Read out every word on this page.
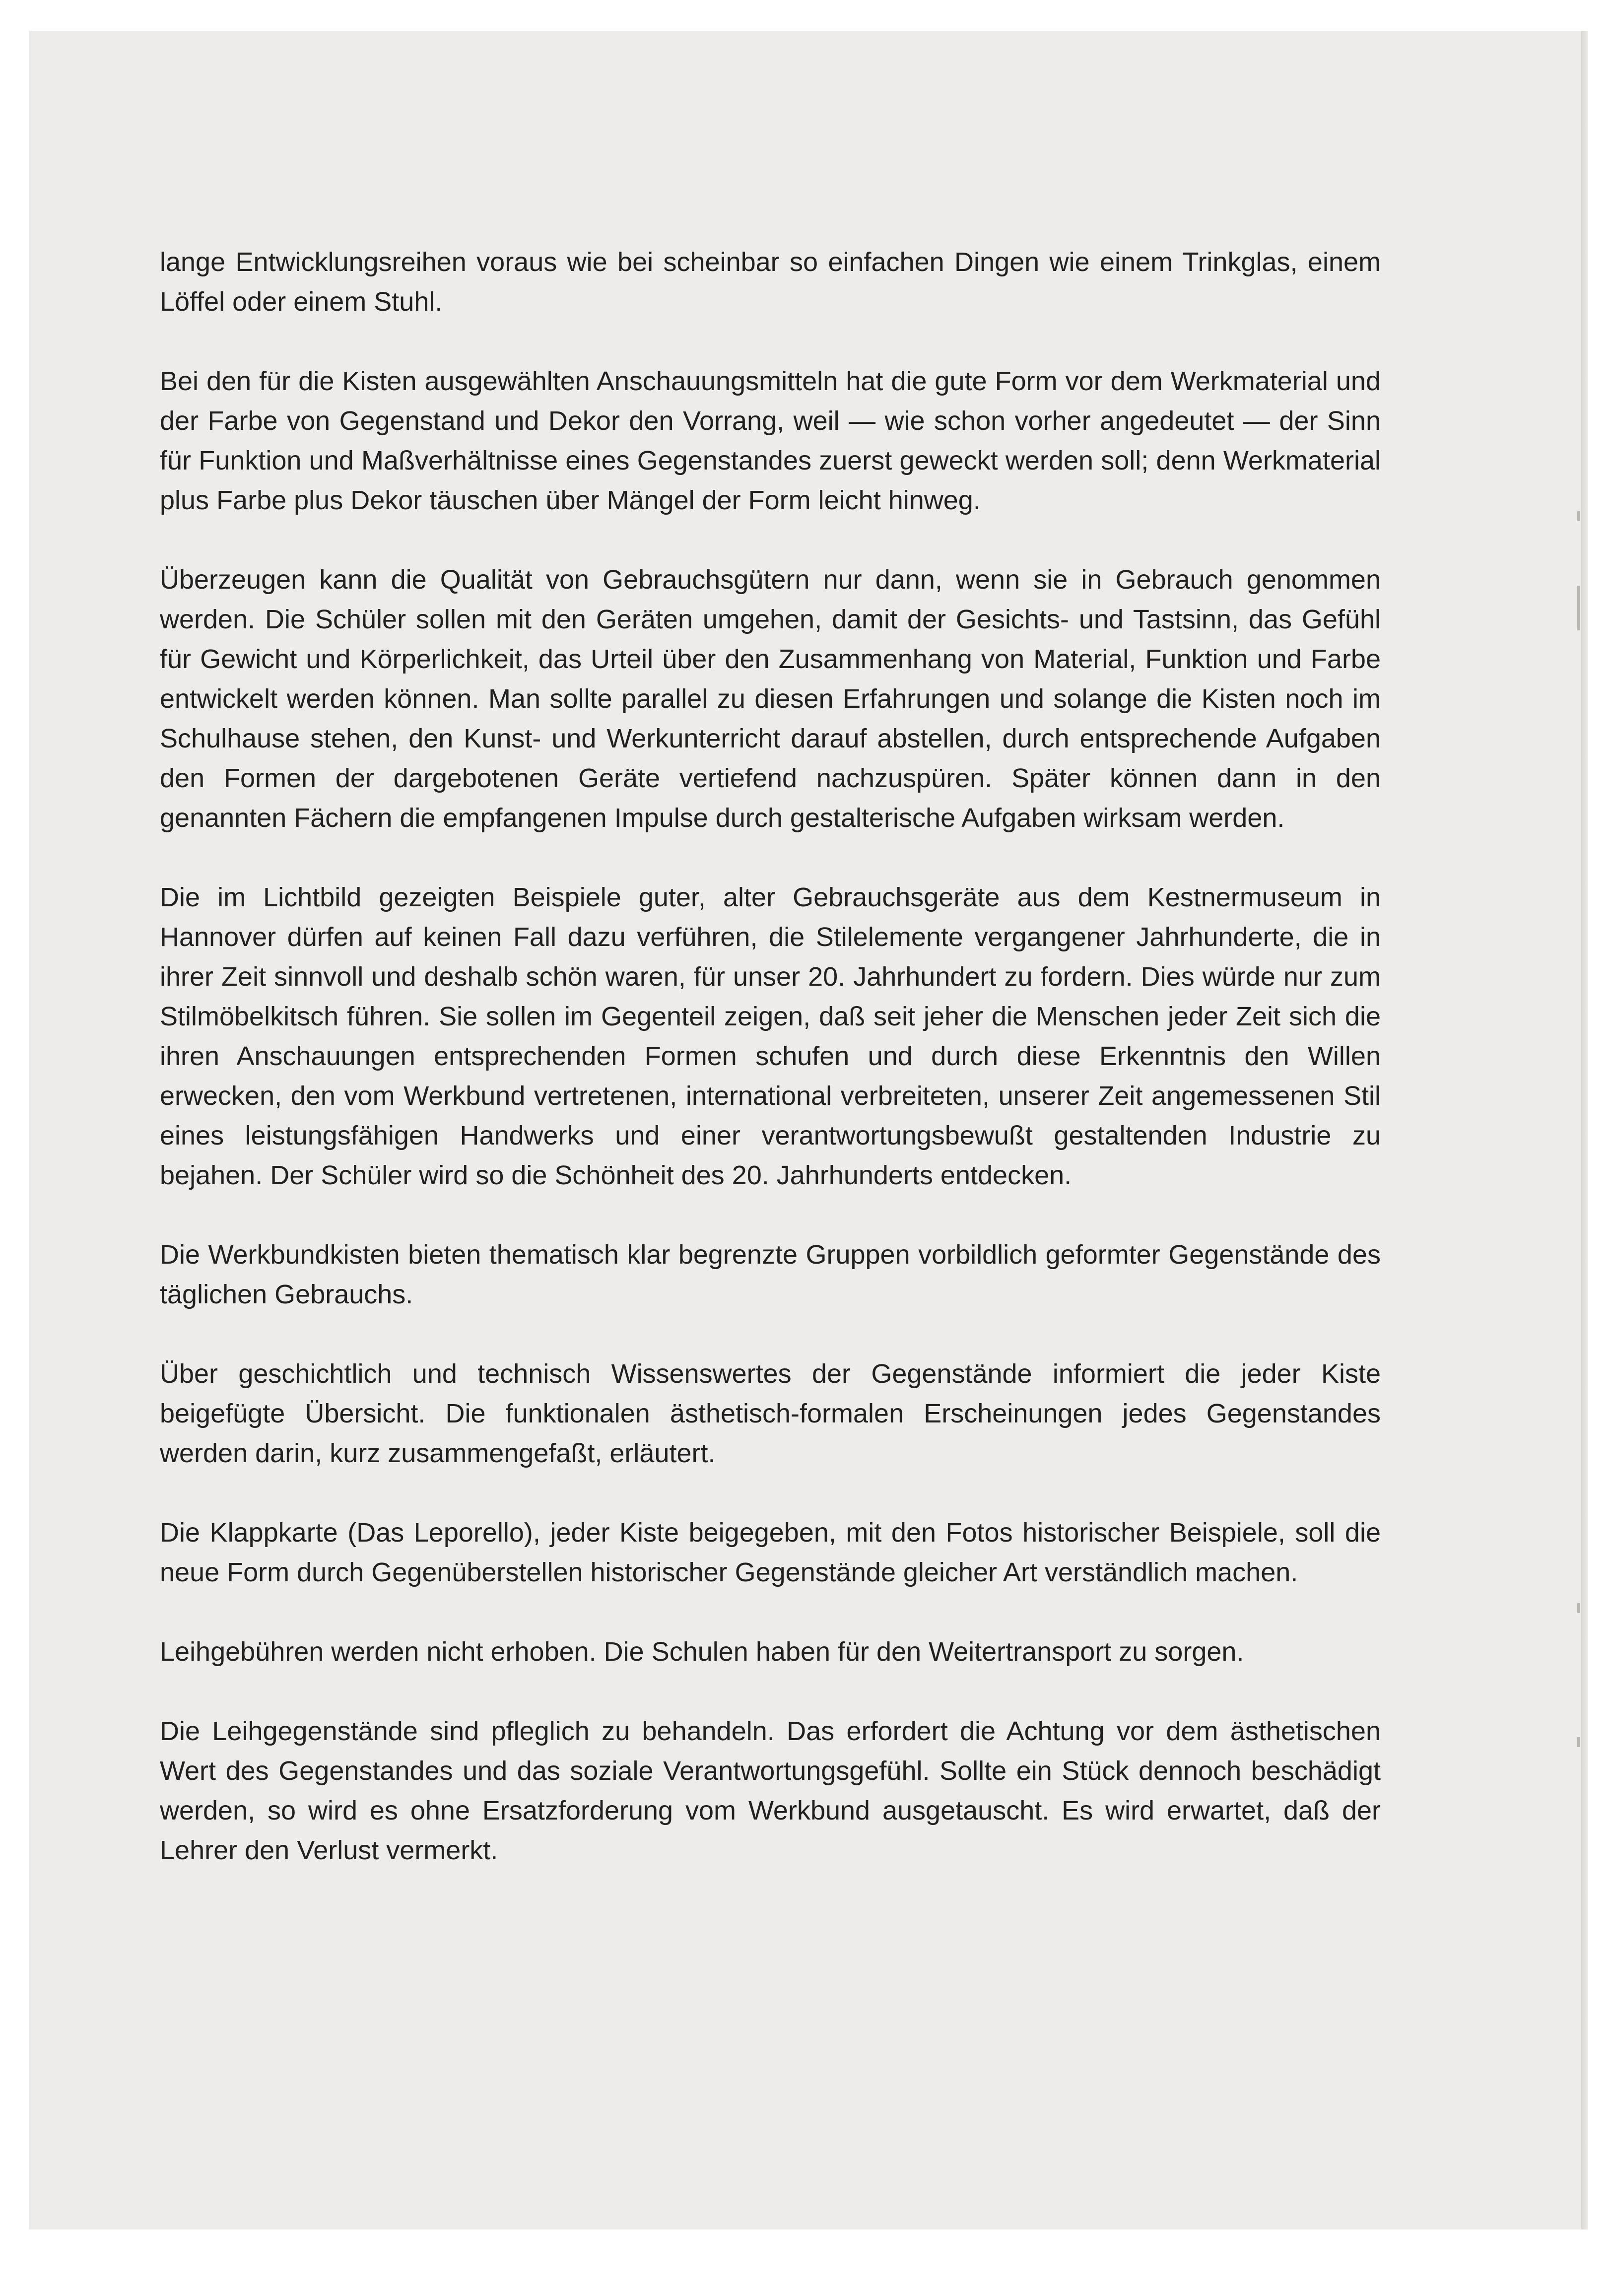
lange Entwicklungsreihen voraus wie bei scheinbar so einfachen Dingen wie einem Trinkglas, einem Löffel oder einem Stuhl.

Bei den für die Kisten ausgewählten Anschauungsmitteln hat die gute Form vor dem Werkmaterial und der Farbe von Gegenstand und Dekor den Vorrang, weil — wie schon vorher angedeutet — der Sinn für Funktion und Maßverhältnisse eines Gegenstandes zuerst geweckt werden soll; denn Werkmaterial plus Farbe plus Dekor täuschen über Mängel der Form leicht hinweg.

Überzeugen kann die Qualität von Gebrauchsgütern nur dann, wenn sie in Gebrauch genommen werden. Die Schüler sollen mit den Geräten umgehen, damit der Gesichts- und Tastsinn, das Gefühl für Gewicht und Körperlichkeit, das Urteil über den Zusammenhang von Material, Funktion und Farbe entwickelt werden können. Man sollte parallel zu diesen Erfahrungen und solange die Kisten noch im Schulhause stehen, den Kunst- und Werkunterricht darauf abstellen, durch entsprechende Aufgaben den Formen der dargebotenen Geräte vertiefend nachzuspüren. Später können dann in den genannten Fächern die empfangenen Impulse durch gestalterische Aufgaben wirksam werden.

Die im Lichtbild gezeigten Beispiele guter, alter Gebrauchsgeräte aus dem Kestnermuseum in Hannover dürfen auf keinen Fall dazu verführen, die Stilelemente vergangener Jahrhunderte, die in ihrer Zeit sinnvoll und deshalb schön waren, für unser 20. Jahrhundert zu fordern. Dies würde nur zum Stilmöbelkitsch führen. Sie sollen im Gegenteil zeigen, daß seit jeher die Menschen jeder Zeit sich die ihren Anschauungen entsprechenden Formen schufen und durch diese Erkenntnis den Willen erwecken, den vom Werkbund vertretenen, international verbreiteten, unserer Zeit angemessenen Stil eines leistungsfähigen Handwerks und einer verantwortungsbewußt gestaltenden Industrie zu bejahen. Der Schüler wird so die Schönheit des 20. Jahrhunderts entdecken.

Die Werkbundkisten bieten thematisch klar begrenzte Gruppen vorbildlich geformter Gegenstände des täglichen Gebrauchs.

Über geschichtlich und technisch Wissenswertes der Gegenstände informiert die jeder Kiste beigefügte Übersicht. Die funktionalen ästhetisch-formalen Erscheinungen jedes Gegenstandes werden darin, kurz zusammengefaßt, erläutert.

Die Klappkarte (Das Leporello), jeder Kiste beigegeben, mit den Fotos historischer Beispiele, soll die neue Form durch Gegenüberstellen historischer Gegenstände gleicher Art verständlich machen.

Leihgebühren werden nicht erhoben. Die Schulen haben für den Weitertransport zu sorgen.

Die Leihgegenstände sind pfleglich zu behandeln. Das erfordert die Achtung vor dem ästhetischen Wert des Gegenstandes und das soziale Verantwortungsgefühl. Sollte ein Stück dennoch beschädigt werden, so wird es ohne Ersatzforderung vom Werkbund ausgetauscht. Es wird erwartet, daß der Lehrer den Verlust vermerkt.
